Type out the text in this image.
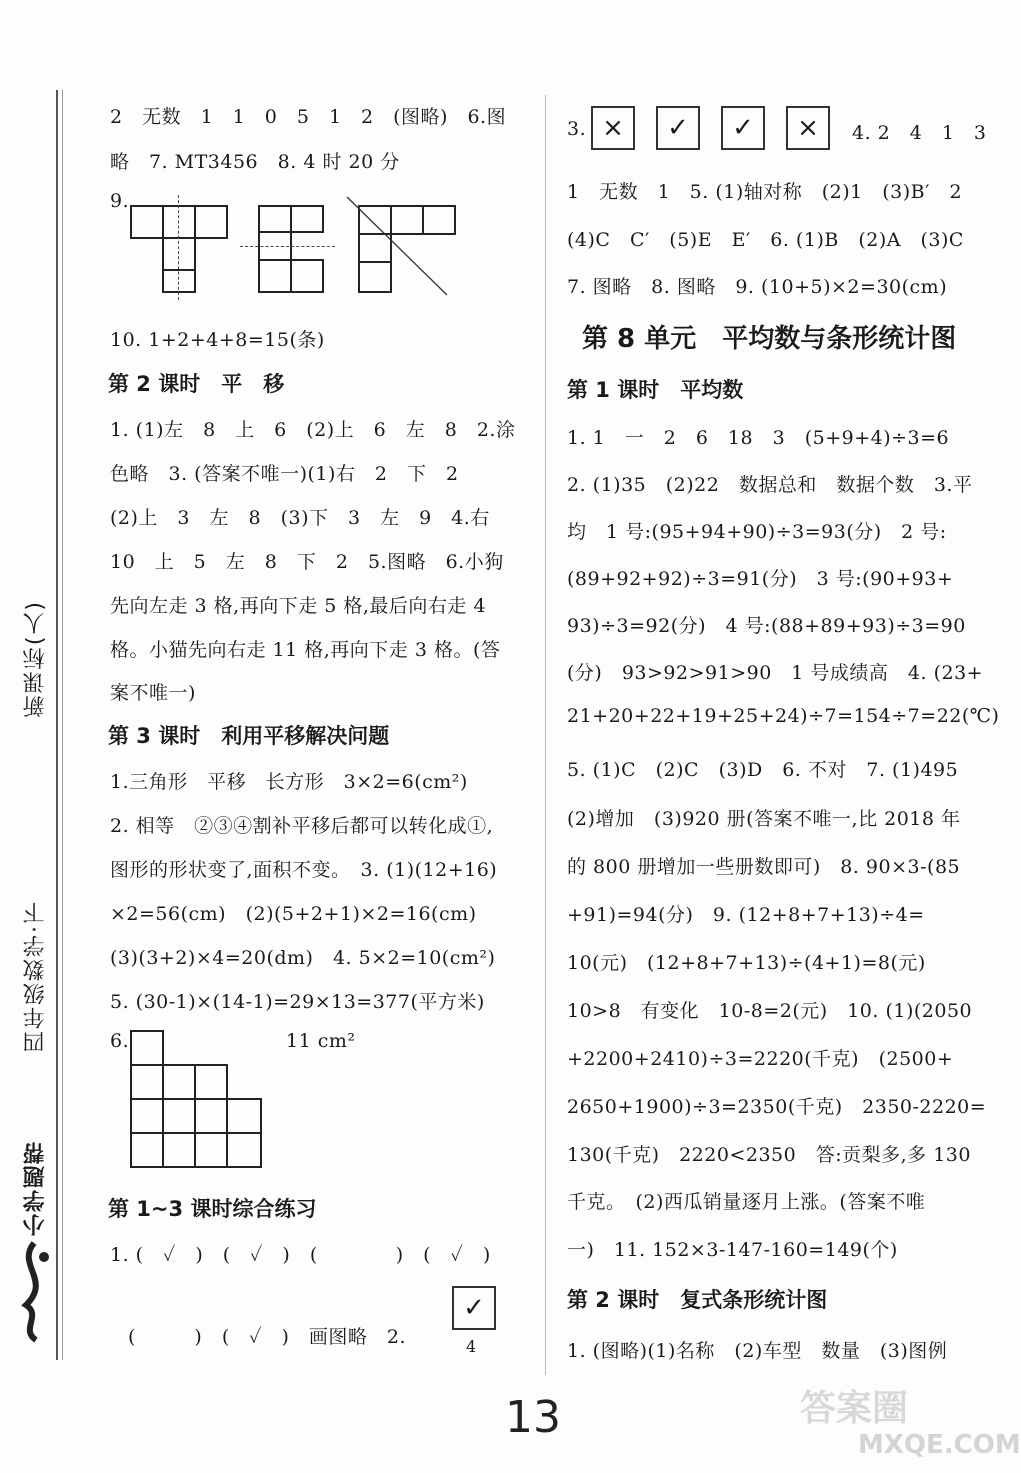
新课标(人)
四年级数学·下
小学题帮
2　无数　1　1　0　5　1　2　(图略)　6.图
略　7. MT3456　8. 4 时 20 分
9.
10. 1+2+4+8=15(条)
第 2 课时　平　移
1. (1)左　8　上　6　(2)上　6　左　8　2.涂
色略　3. (答案不唯一)(1)右　2　下　2
(2)上　3　左　8　(3)下　3　左　9　4.右
10　上　5　左　8　下　2　5.图略　6.小狗
先向左走 3 格,再向下走 5 格,最后向右走 4
格。小猫先向右走 11 格,再向下走 3 格。(答
案不唯一)
第 3 课时　利用平移解决问题
1.三角形　平移　长方形　3×2=6(cm²)
2. 相等　②③④割补平移后都可以转化成①,
图形的形状变了,面积不变。　3. (1)(12+16)
×2=56(cm)　(2)(5+2+1)×2=16(cm)
(3)(3+2)×4=20(dm)　4. 5×2=10(cm²)
5. (30-1)×(14-1)=29×13=377(平方米)
6.	11 cm²
第 1~3 课时综合练习
1. (　✓　)　(　✓　)　(　　　　)　(　✓　)
(　　　)　(　✓　)　画图略　2.
✓
4
3. ×	✓	✓	×	4. 2　4　1　3
1　无数　1　5. (1)轴对称　(2)1　(3)B′　2
(4)C　C′　(5)E　E′　6. (1)B　(2)A　(3)C
7. 图略　8. 图略　9. (10+5)×2=30(cm)
第 8 单元　平均数与条形统计图
第 1 课时　平均数
1. 1　一　2　6　18　3　(5+9+4)÷3=6
2. (1)35　(2)22　数据总和　数据个数　3.平
均　1 号:(95+94+90)÷3=93(分)　2 号:
(89+92+92)÷3=91(分)　3 号:(90+93+
93)÷3=92(分)　4 号:(88+89+93)÷3=90
(分)　93>92>91>90　1 号成绩高　4. (23+
21+20+22+19+25+24)÷7=154÷7=22(℃)
5. (1)C　(2)C　(3)D　6. 不对　7. (1)495
(2)增加　(3)920 册(答案不唯一,比 2018 年
的 800 册增加一些册数即可)　8. 90×3-(85
+91)=94(分)　9. (12+8+7+13)÷4=
10(元)　(12+8+7+13)÷(4+1)=8(元)
10>8　有变化　10-8=2(元)　10. (1)(2050
+2200+2410)÷3=2220(千克)　(2500+
2650+1900)÷3=2350(千克)　2350-2220=
130(千克)　2220<2350　答:贡梨多,多 130
千克。　(2)西瓜销量逐月上涨。(答案不唯
一)　11. 152×3-147-160=149(个)
第 2 课时　复式条形统计图
1. (图略)(1)名称　(2)车型　数量　(3)图例
13	答案圈
MXQE.COM
